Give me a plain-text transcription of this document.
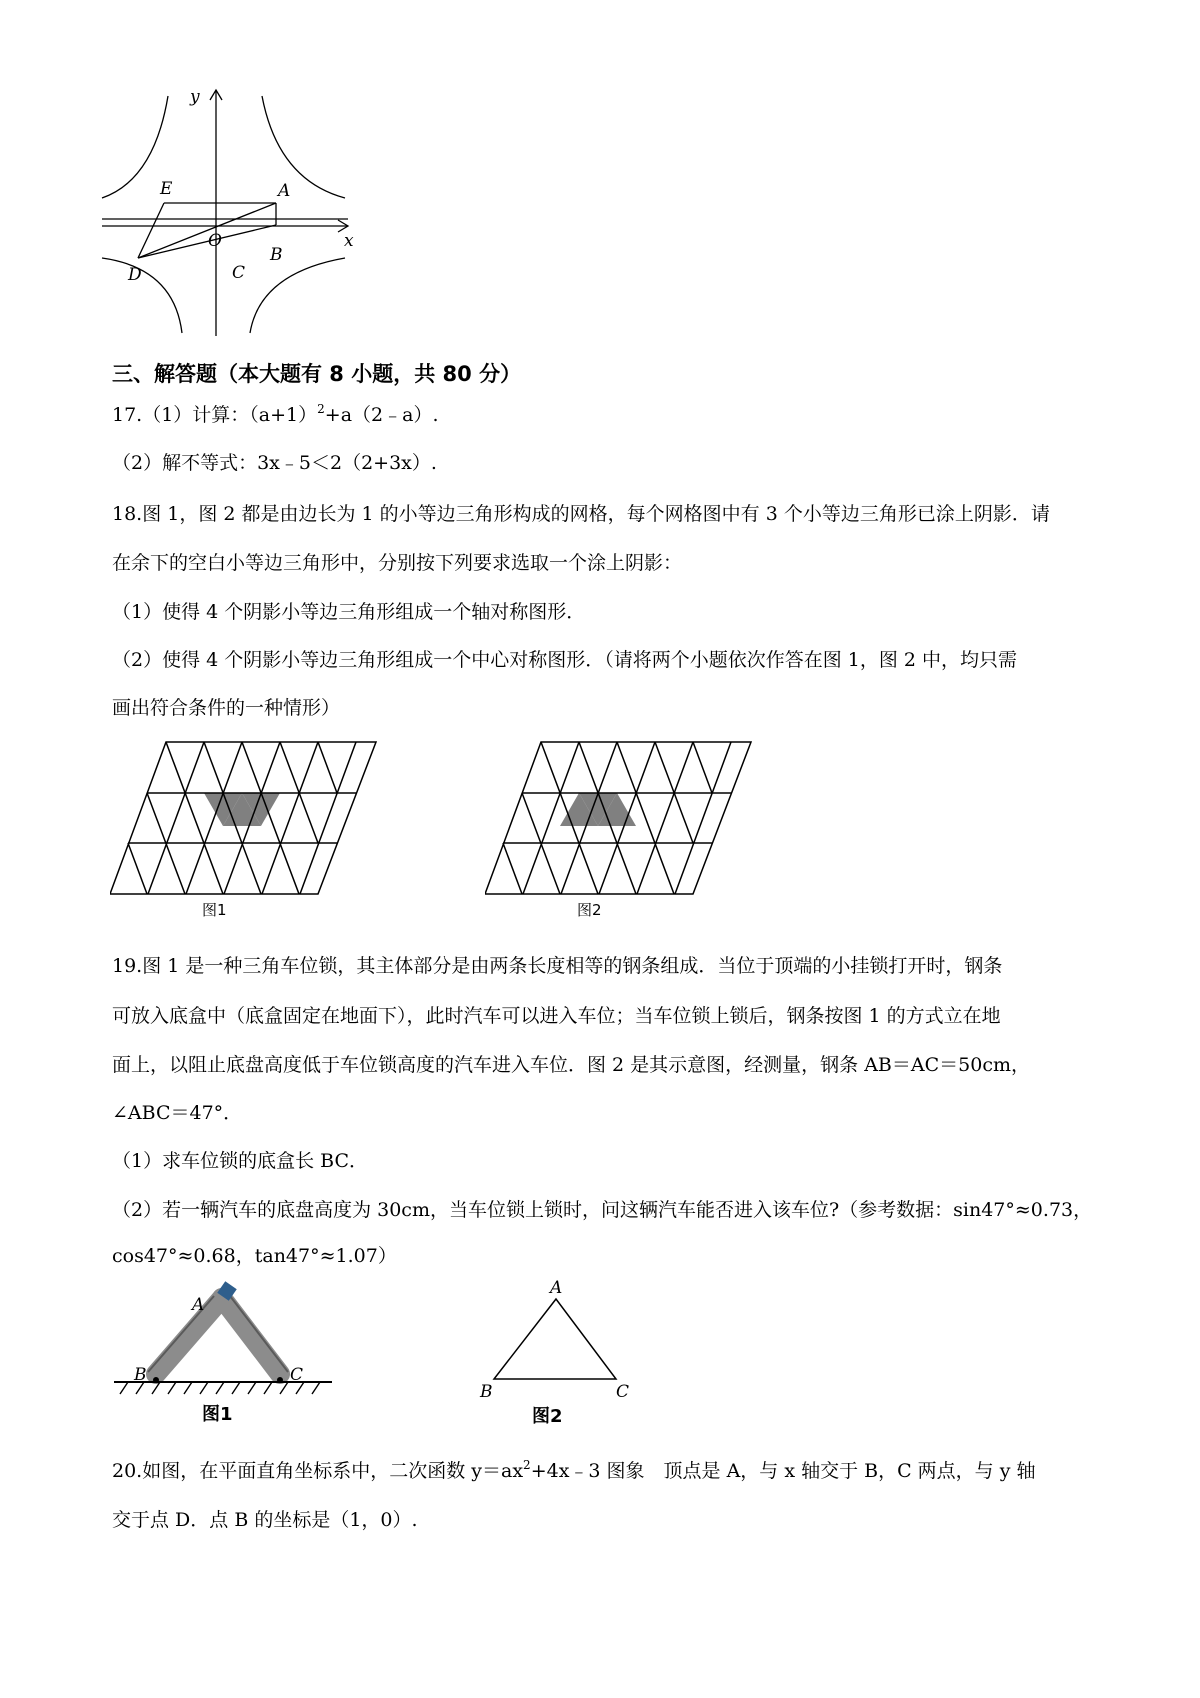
y
x
E	A
O
D	C
B
三、解答题（本大题有 8 小题，共 80 分）
17.（1）计算：$(a+1)^2+a(2﹣a)$.
（2）解不等式：3x﹣5＜2（2+3x）.
18.图 1，图 2 都是由边长为 1 的小等边三角形构成的网格，每个网格图中有 3 个小等边三角形已涂上阴影．请
在余下的空白小等边三角形中，分别按下列要求选取一个涂上阴影：
（1）使得 4 个阴影小等边三角形组成一个轴对称图形．
（2）使得 4 个阴影小等边三角形组成一个中心对称图形．（请将两个小题依次作答在图 1，图 2 中，均只需
画出符合条件的一种情形）
图1	图2
19.图 1 是一种三角车位锁，其主体部分是由两条长度相等的钢条组成．当位于顶端的小挂锁打开时，钢条
可放入底盒中（底盒固定在地面下），此时汽车可以进入车位；当车位锁上锁后，钢条按图 1 的方式立在地
面上，以阻止底盘高度低于车位锁高度的汽车进入车位．图 2 是其示意图，经测量，钢条 AB＝AC＝50cm，
∠ABC＝47°．
（1）求车位锁的底盒长 BC．
（2）若一辆汽车的底盘高度为 30cm，当车位锁上锁时，问这辆汽车能否进入该车位?（参考数据：sin47°≈0.73，
cos47°≈0.68，tan47°≈1.07）
A
B	C
图1
A
B	C
图2
20.如图，在平面直角坐标系中，二次函数 $y=ax^2+4x﹣3$ 图象　顶点是 A，与 x 轴交于 B，C 两点，与 y 轴
交于点 D．点 B 的坐标是（1，0）.
